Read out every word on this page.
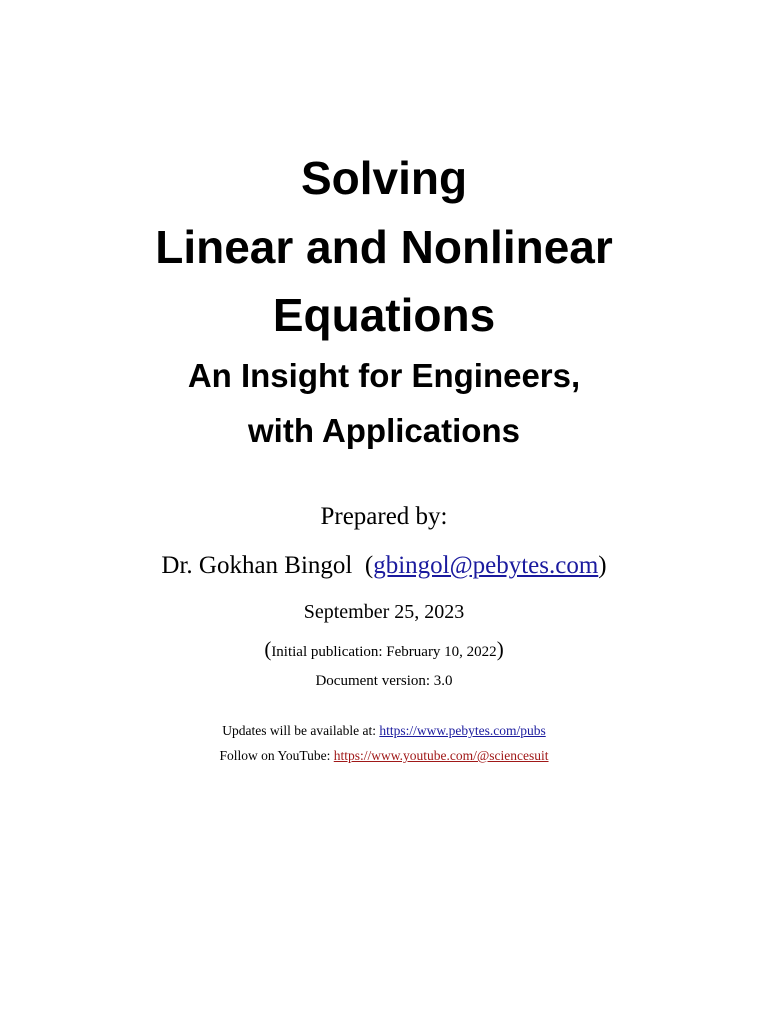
Solving
Linear and Nonlinear
Equations
An Insight for Engineers,
with Applications
Prepared by:
Dr. Gokhan Bingol (gbingol@pebytes.com)
September 25, 2023
(Initial publication: February 10, 2022)
Document version: 3.0
Updates will be available at: https://www.pebytes.com/pubs
Follow on YouTube: https://www.youtube.com/@sciencesuit
